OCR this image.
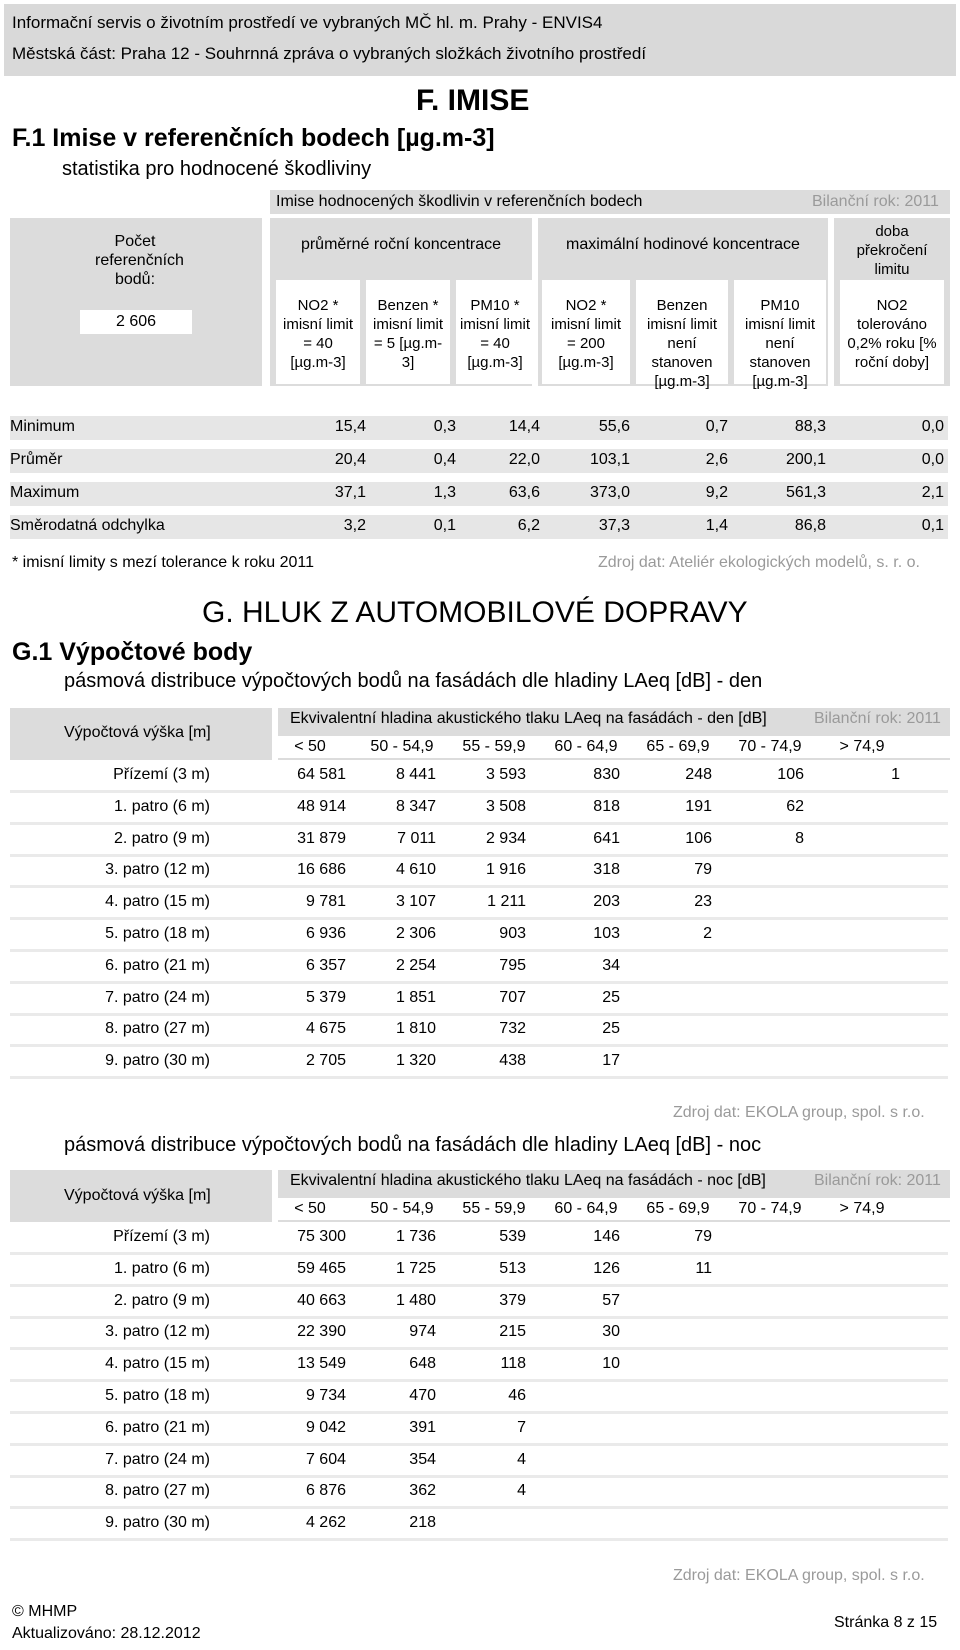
Informační servis o životním prostředí ve vybraných MČ hl. m. Prahy - ENVIS4
Městská část: Praha 12 - Souhrnná zpráva o vybraných složkách životního prostředí
F. IMISE
F.1 Imise v referenčních bodech [µg.m-3]
statistika pro hodnocené škodliviny
Imise hodnocených škodlivin v referenčních bodech	Bilanční rok: 2011
Počet referenčních bodů:
2 606
průměrné roční koncentrace	maximální hodinové koncentrace
doba překročení limitu
NO2 * imisní limit = 40 [µg.m-3]
Benzen * imisní limit = 5 [µg.m-3]
PM10 * imisní limit = 40 [µg.m-3]
NO2 * imisní limit = 200 [µg.m-3]
Benzen imisní limit není stanoven [µg.m-3]
PM10 imisní limit není stanoven [µg.m-3]
NO2 tolerováno 0,2% roku [% roční doby]
Minimum	15,4	0,3	14,4	55,6	0,7	88,3	0,0
Průměr	20,4	0,4	22,0	103,1	2,6	200,1	0,0
Maximum	37,1	1,3	63,6	373,0	9,2	561,3	2,1
Směrodatná odchylka	3,2	0,1	6,2	37,3	1,4	86,8	0,1
* imisní limity s mezí tolerance k roku 2011	Zdroj dat: Ateliér ekologických modelů, s. r. o.
G. HLUK Z AUTOMOBILOVÉ DOPRAVY
G.1 Výpočtové body
pásmová distribuce výpočtových bodů na fasádách dle hladiny LAeq [dB] - den
Výpočtová výška [m]
Ekvivalentní hladina akustického tlaku LAeq na fasádách - den [dB]	Bilanční rok: 2011
< 50	50 - 54,9	55 - 59,9	60 - 64,9	65 - 69,9	70 - 74,9	> 74,9
Přízemí (3 m)	64 581	8 441	3 593	830	248	106	1
1. patro (6 m)	48 914	8 347	3 508	818	191	62
2. patro (9 m)	31 879	7 011	2 934	641	106	8
3. patro (12 m)	16 686	4 610	1 916	318	79
4. patro (15 m)	9 781	3 107	1 211	203	23
5. patro (18 m)	6 936	2 306	903	103	2
6. patro (21 m)	6 357	2 254	795	34
7. patro (24 m)	5 379	1 851	707	25
8. patro (27 m)	4 675	1 810	732	25
9. patro (30 m)	2 705	1 320	438	17
Zdroj dat: EKOLA group, spol. s r.o.
pásmová distribuce výpočtových bodů na fasádách dle hladiny LAeq [dB] - noc
Výpočtová výška [m]
Ekvivalentní hladina akustického tlaku LAeq na fasádách - noc [dB]	Bilanční rok: 2011
< 50	50 - 54,9	55 - 59,9	60 - 64,9	65 - 69,9	70 - 74,9	> 74,9
Přízemí (3 m)	75 300	1 736	539	146	79
1. patro (6 m)	59 465	1 725	513	126	11
2. patro (9 m)	40 663	1 480	379	57
3. patro (12 m)	22 390	974	215	30
4. patro (15 m)	13 549	648	118	10
5. patro (18 m)	9 734	470	46
6. patro (21 m)	9 042	391	7
7. patro (24 m)	7 604	354	4
8. patro (27 m)	6 876	362	4
9. patro (30 m)	4 262	218
Zdroj dat: EKOLA group, spol. s r.o.
© MHMP
Aktualizováno: 28.12.2012
Stránka 8 z 15
